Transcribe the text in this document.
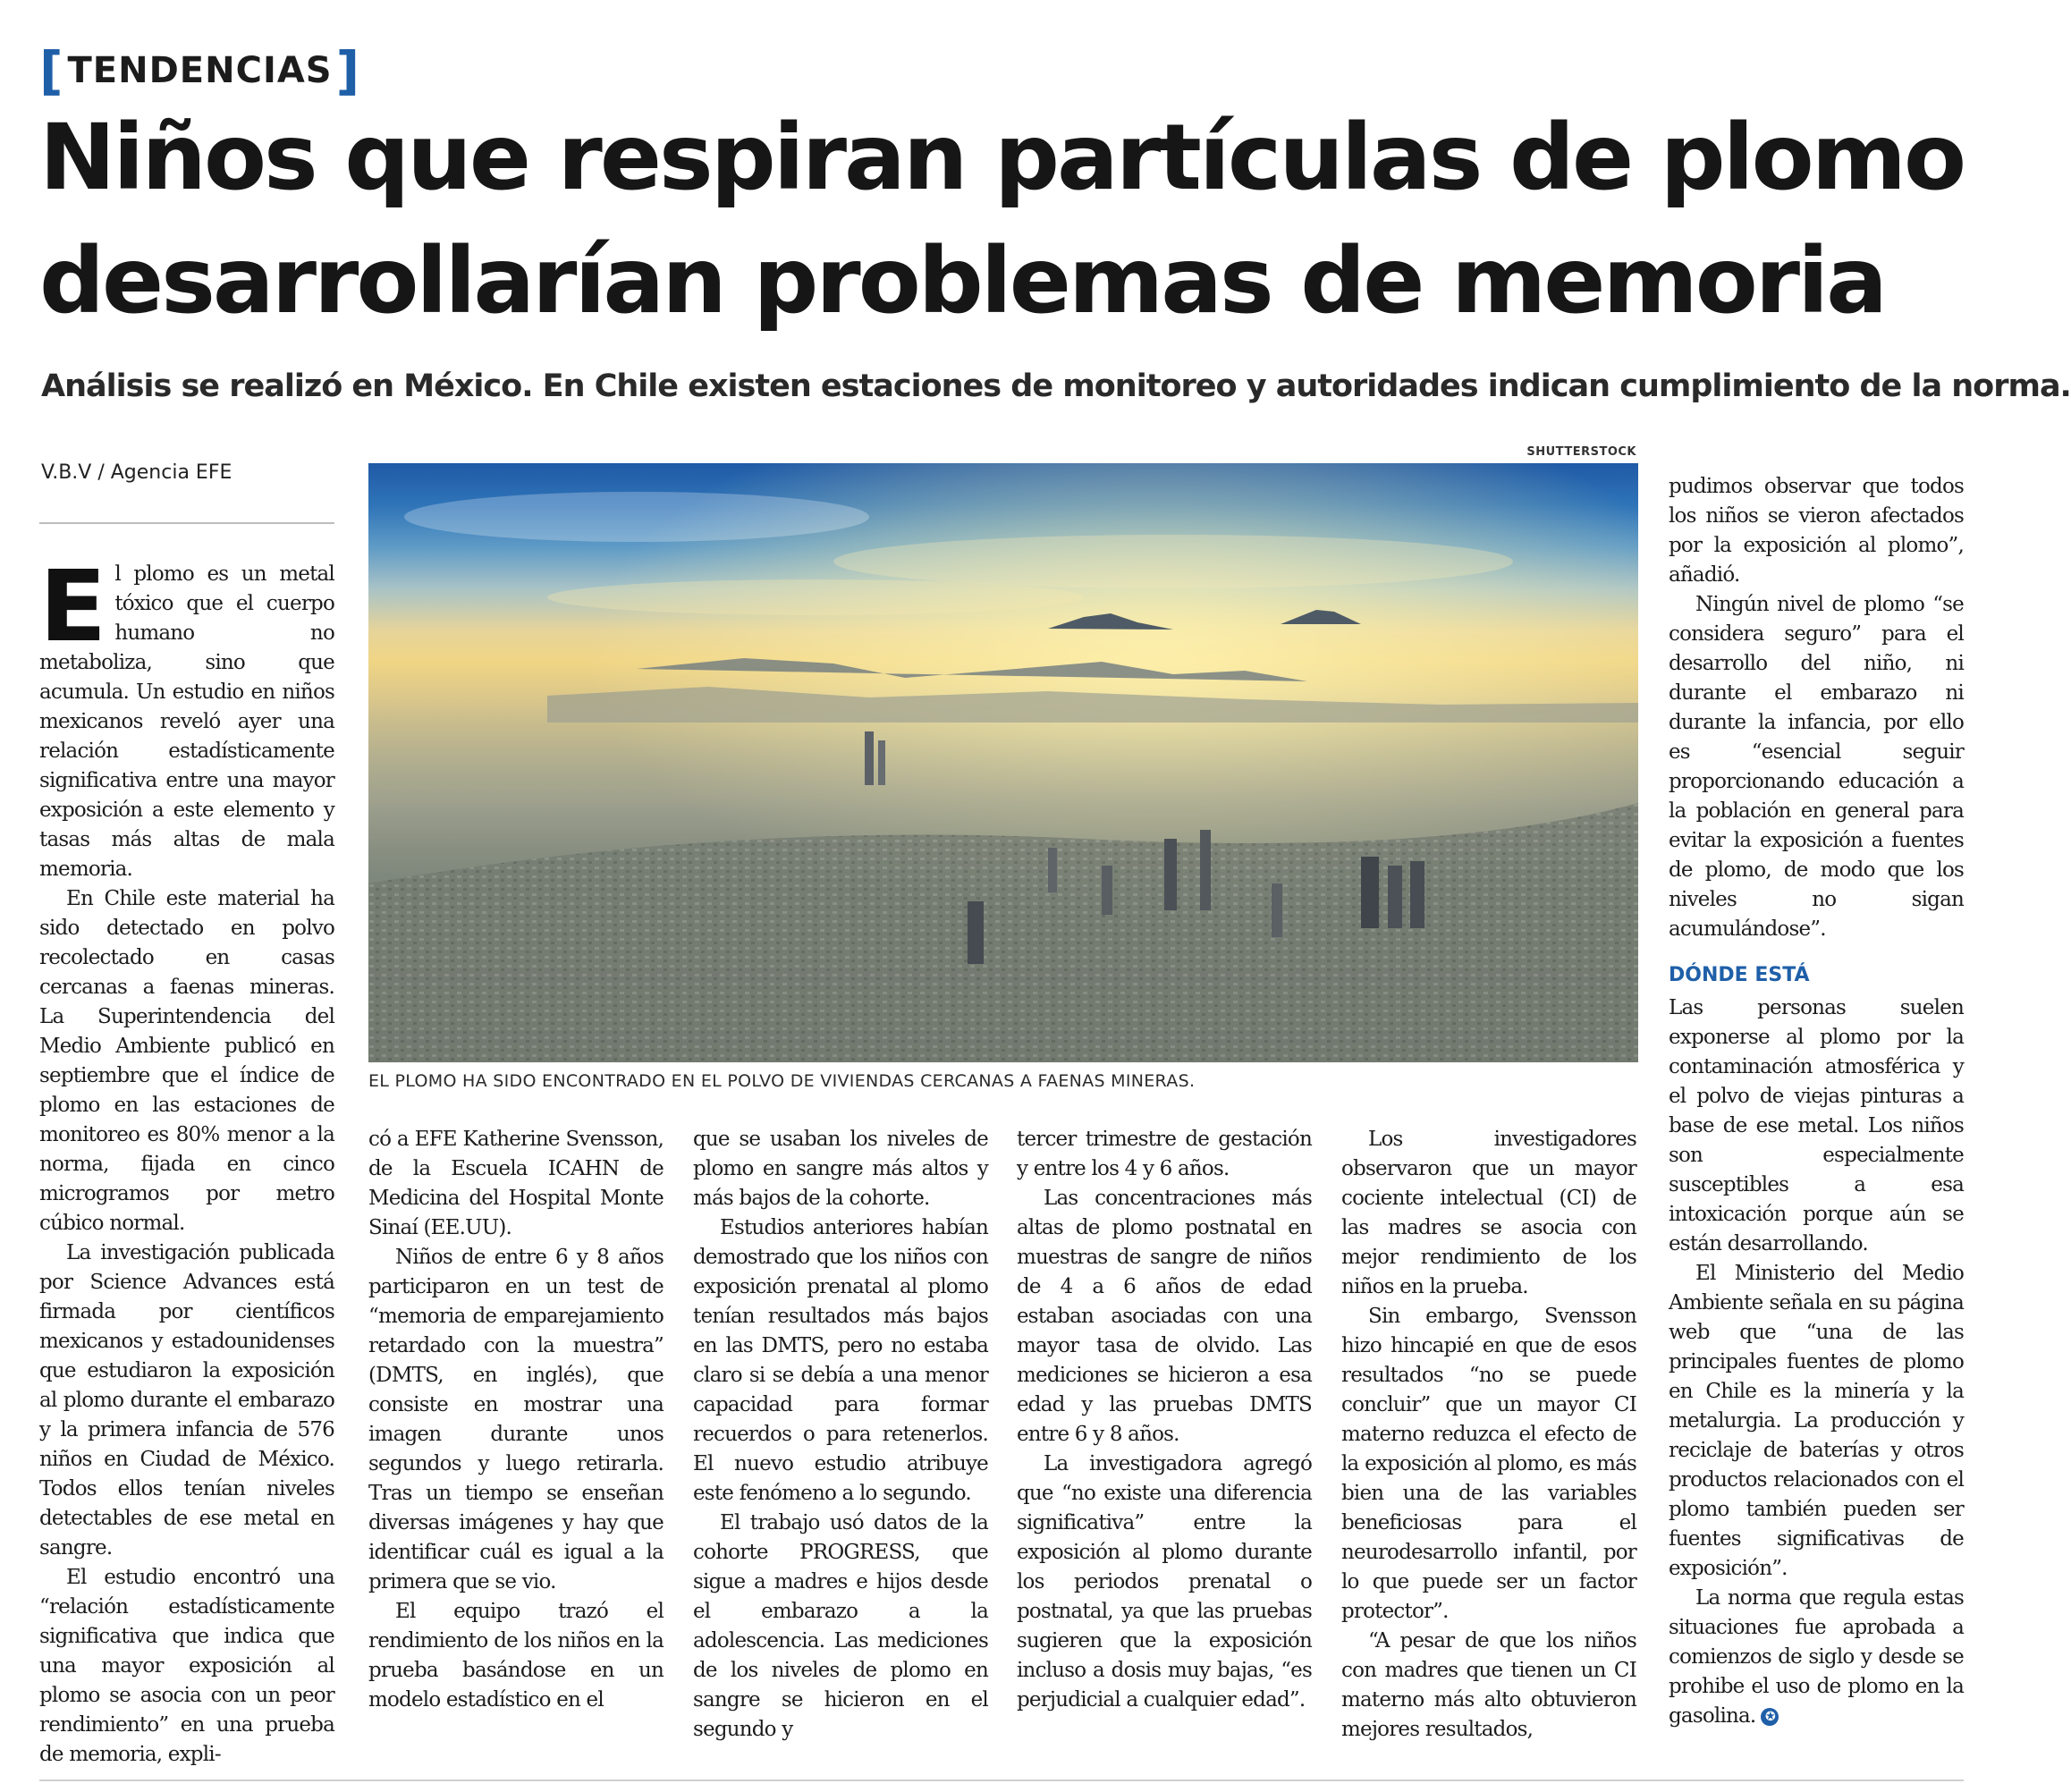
[ TENDENCIAS ]
Niños que respiran partículas de plomo desarrollarían problemas de memoria
Análisis se realizó en México. En Chile existen estaciones de monitoreo y autoridades indican cumplimiento de la norma.
V.B.V / Agencia EFE
SHUTTERSTOCK
EL PLOMO HA SIDO ENCONTRADO EN EL POLVO DE VIVIENDAS CERCANAS A FAENAS MINERAS.

El plomo es un metal tóxico que el cuerpo humano no metaboliza, sino que acumula. Un estudio en niños mexicanos reveló ayer una relación estadísticamente significativa entre una mayor exposición a este elemento y tasas más altas de mala memoria.

En Chile este material ha sido detectado en polvo recolectado en casas cercanas a faenas mineras. La Superintendencia del Medio Ambiente publicó en septiembre que el índice de plomo en las estaciones de monitoreo es 80% menor a la norma, fijada en cinco microgramos por metro cúbico normal.

La investigación publicada por Science Advances está firmada por científicos mexicanos y estadounidenses que estudiaron la exposición al plomo durante el embarazo y la primera infancia de 576 niños en Ciudad de México. Todos ellos tenían niveles detectables de ese metal en sangre.

El estudio encontró una “relación estadísticamente significativa que indica que una mayor exposición al plomo se asocia con un peor rendimiento” en una prueba de memoria, expli-

có a EFE Katherine Svensson, de la Escuela ICAHN de Medicina del Hospital Monte Sinaí (EE.UU).

Niños de entre 6 y 8 años participaron en un test de “memoria de emparejamiento retardado con la muestra” (DMTS, en inglés), que consiste en mostrar una imagen durante unos segundos y luego retirarla. Tras un tiempo se enseñan diversas imágenes y hay que identificar cuál es igual a la primera que se vio.

El equipo trazó el rendimiento de los niños en la prueba basándose en un modelo estadístico en el

que se usaban los niveles de plomo en sangre más altos y más bajos de la cohorte.

Estudios anteriores habían demostrado que los niños con exposición prenatal al plomo tenían resultados más bajos en las DMTS, pero no estaba claro si se debía a una menor capacidad para formar recuerdos o para retenerlos. El nuevo estudio atribuye este fenómeno a lo segundo.

El trabajo usó datos de la cohorte PROGRESS, que sigue a madres e hijos desde el embarazo a la adolescencia. Las mediciones de los niveles de plomo en sangre se hicieron en el segundo y

tercer trimestre de gestación y entre los 4 y 6 años.

Las concentraciones más altas de plomo postnatal en muestras de sangre de niños de 4 a 6 años de edad estaban asociadas con una mayor tasa de olvido. Las mediciones se hicieron a esa edad y las pruebas DMTS entre 6 y 8 años.

La investigadora agregó que “no existe una diferencia significativa” entre la exposición al plomo durante los periodos prenatal o postnatal, ya que las pruebas sugieren que la exposición incluso a dosis muy bajas, “es perjudicial a cualquier edad”.

Los investigadores observaron que un mayor cociente intelectual (CI) de las madres se asocia con mejor rendimiento de los niños en la prueba.

Sin embargo, Svensson hizo hincapié en que de esos resultados “no se puede concluir” que un mayor CI materno reduzca el efecto de la exposición al plomo, es más bien una de las variables beneficiosas para el neurodesarrollo infantil, por lo que puede ser un factor protector”.

“A pesar de que los niños con madres que tienen un CI materno más alto obtuvieron mejores resultados,

pudimos observar que todos los niños se vieron afectados por la exposición al plomo”, añadió.

Ningún nivel de plomo “se considera seguro” para el desarrollo del niño, ni durante el embarazo ni durante la infancia, por ello es “esencial seguir proporcionando educación a la población en general para evitar la exposición a fuentes de plomo, de modo que los niveles no sigan acumulándose”.

DÓNDE ESTÁ

Las personas suelen exponerse al plomo por la contaminación atmosférica y el polvo de viejas pinturas a base de ese metal. Los niños son especialmente susceptibles a esa intoxicación porque aún se están desarrollando.

El Ministerio del Medio Ambiente señala en su página web que “una de las principales fuentes de plomo en Chile es la minería y la metalurgia. La producción y reciclaje de baterías y otros productos relacionados con el plomo también pueden ser fuentes significativas de exposición”.

La norma que regula estas situaciones fue aprobada a comienzos de siglo y desde se prohibe el uso de plomo en la gasolina. ✪
